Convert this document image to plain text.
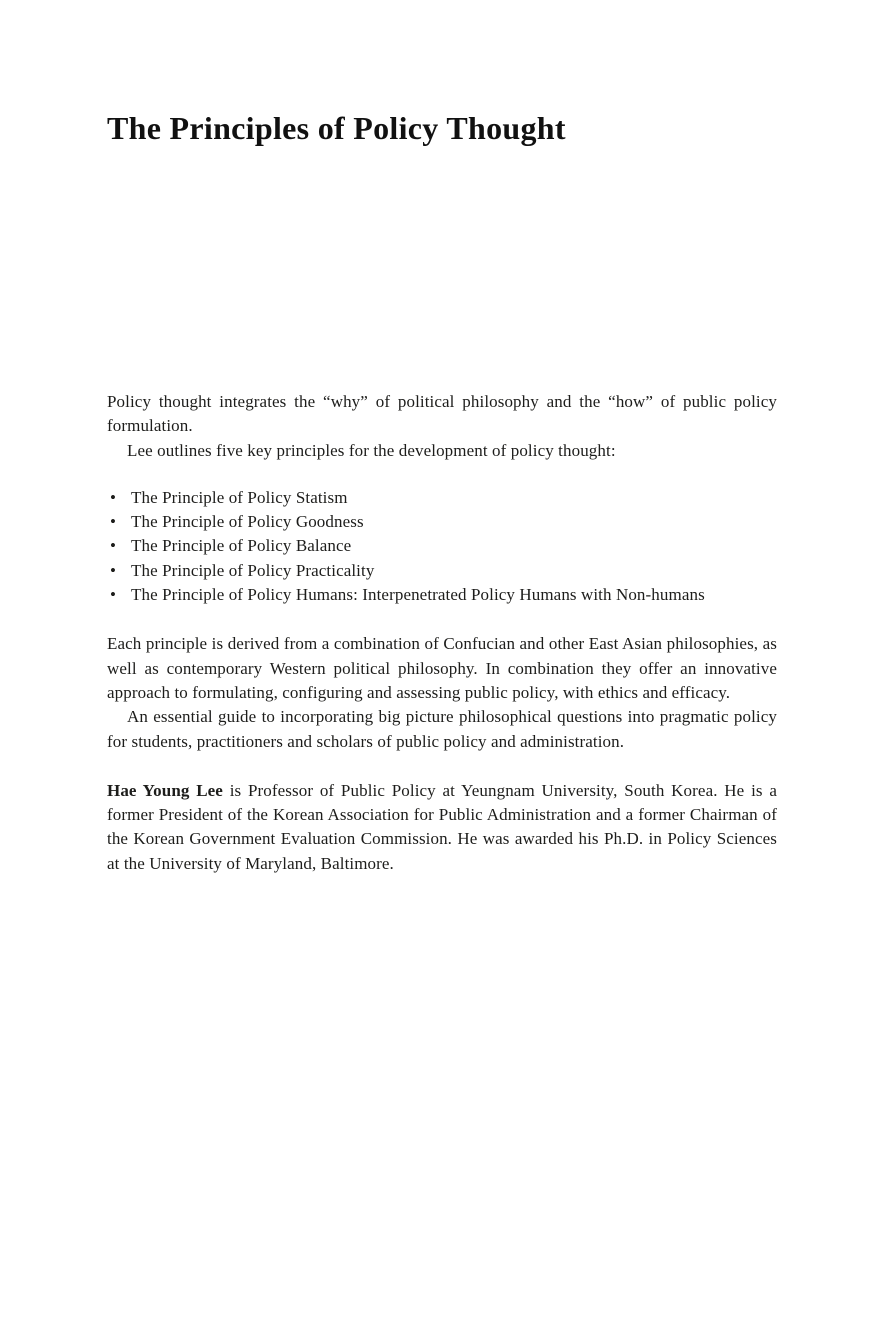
The Principles of Policy Thought

Policy thought integrates the “why” of political philosophy and the “how” of public policy formulation.

Lee outlines five key principles for the development of policy thought:

• The Principle of Policy Statism
• The Principle of Policy Goodness
• The Principle of Policy Balance
• The Principle of Policy Practicality
• The Principle of Policy Humans: Interpenetrated Policy Humans with Non-humans

Each principle is derived from a combination of Confucian and other East Asian philosophies, as well as contemporary Western political philosophy. In combination they offer an innovative approach to formulating, configuring and assessing public policy, with ethics and efficacy.

An essential guide to incorporating big picture philosophical questions into pragmatic policy for students, practitioners and scholars of public policy and administration.

Hae Young Lee is Professor of Public Policy at Yeungnam University, South Korea. He is a former President of the Korean Association for Public Administration and a former Chairman of the Korean Government Evaluation Commission. He was awarded his Ph.D. in Policy Sciences at the University of Maryland, Baltimore.
